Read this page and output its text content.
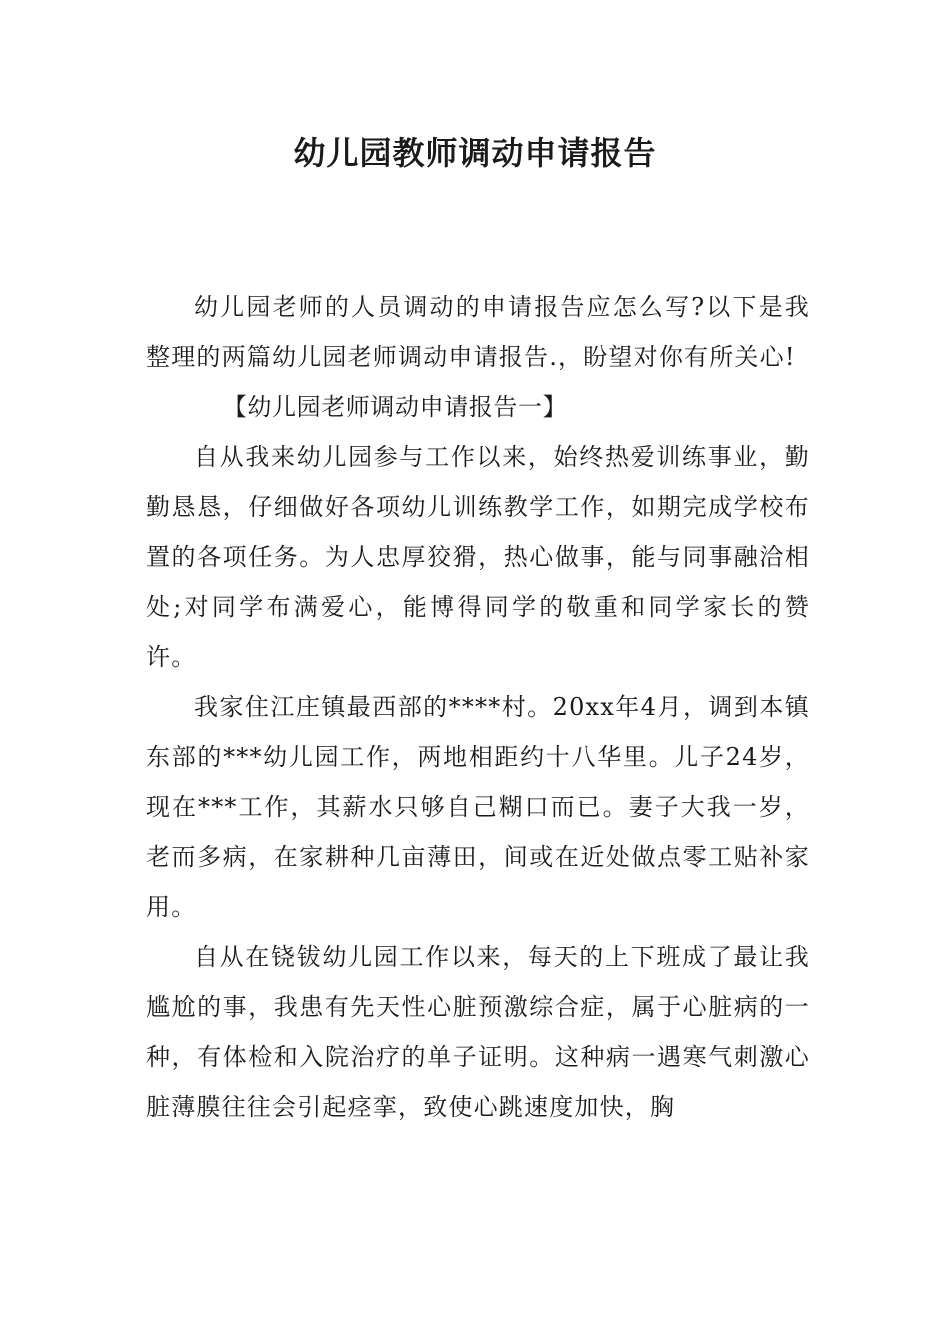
幼儿园教师调动申请报告

幼儿园老师的人员调动的申请报告应怎么写?以下是我整理的两篇幼儿园老师调动申请报告.，盼望对你有所关心!

【幼儿园老师调动申请报告一】

自从我来幼儿园参与工作以来，始终热爱训练事业，勤勤恳恳，仔细做好各项幼儿训练教学工作，如期完成学校布置的各项任务。为人忠厚狡猾，热心做事，能与同事融洽相处;对同学布满爱心，能博得同学的敬重和同学家长的赞许。

我家住江庄镇最西部的****村。20xx年4月，调到本镇东部的***幼儿园工作，两地相距约十八华里。儿子24岁，现在***工作，其薪水只够自己糊口而已。妻子大我一岁，老而多病，在家耕种几亩薄田，间或在近处做点零工贴补家用。

自从在铙钹幼儿园工作以来，每天的上下班成了最让我尴尬的事，我患有先天性心脏预激综合症，属于心脏病的一种，有体检和入院治疗的单子证明。这种病一遇寒气刺激心脏薄膜往往会引起痉挛，致使心跳速度加快，胸
